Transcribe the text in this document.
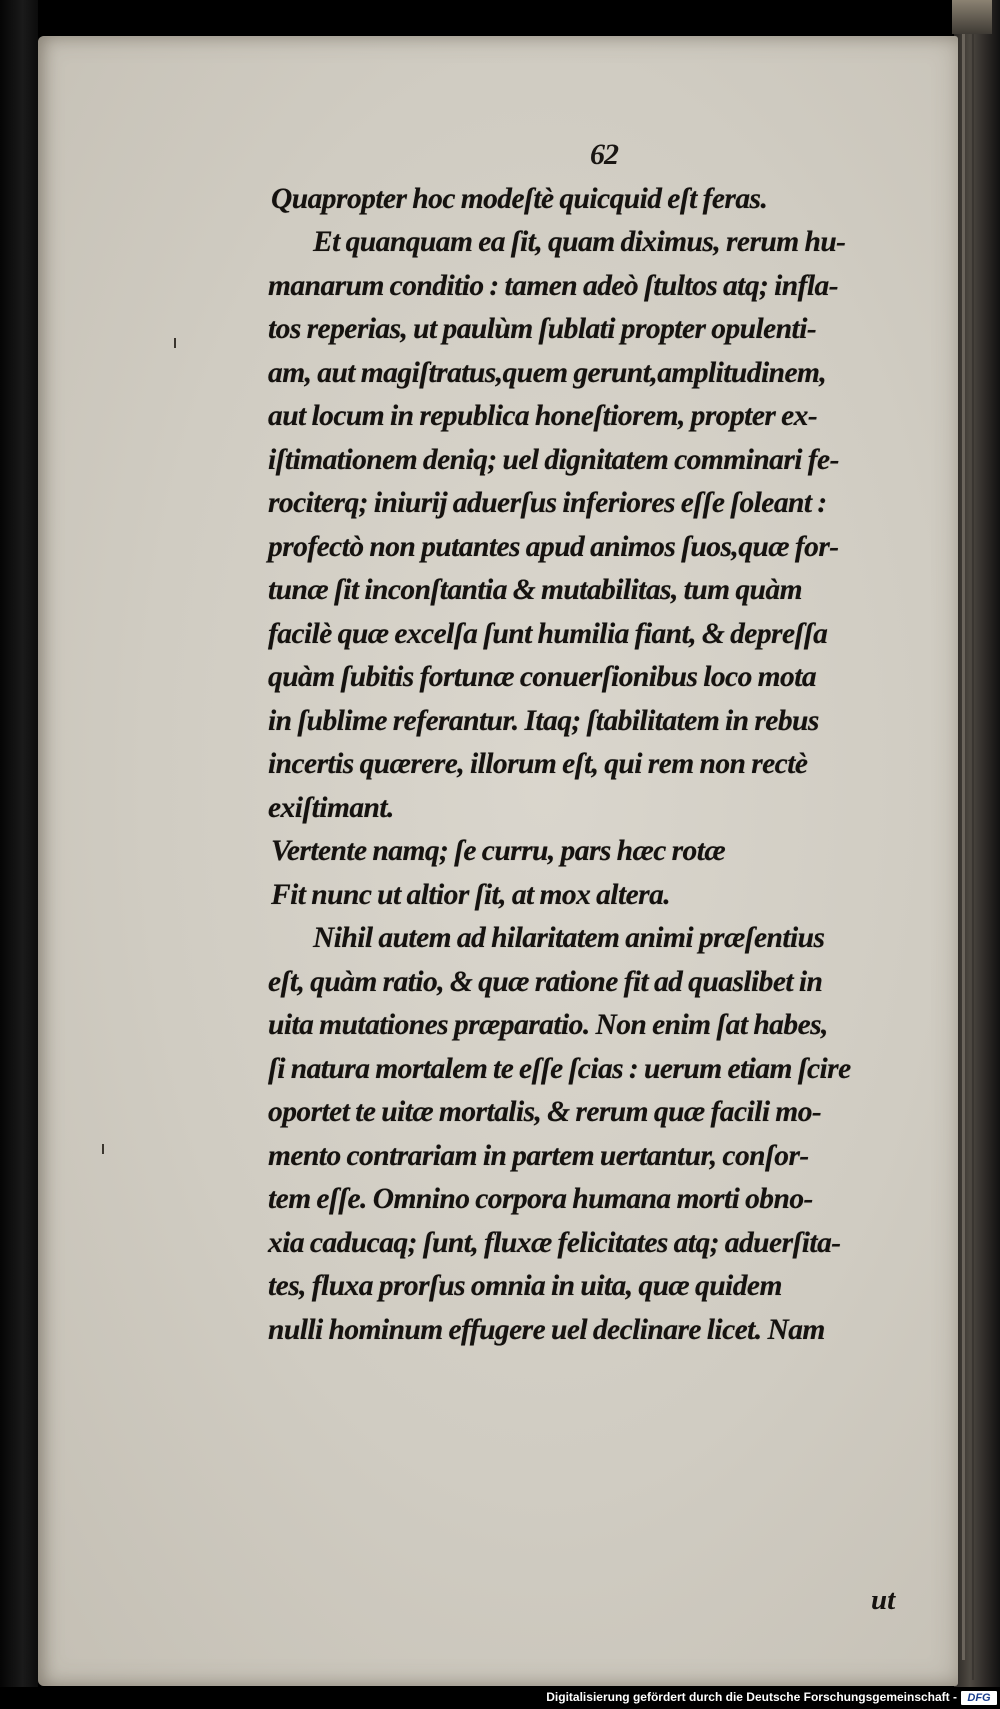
62
Quapropter hoc modeſtè quicquid eſt feras.
Et quanquam ea ſit, quam diximus, rerum hu-
manarum conditio : tamen adeò ſtultos atq; infla-
tos reperias, ut paulùm ſublati propter opulenti-
am, aut magiſtratus,quem gerunt,amplitudinem,
aut locum in republica honeſtiorem, propter ex-
iſtimationem deniq; uel dignitatem comminari fe-
rociterq; iniurij aduerſus inferiores eſſe ſoleant :
profectò non putantes apud animos ſuos,quæ for-
tunæ ſit inconſtantia & mutabilitas, tum quàm
facilè quæ excelſa ſunt humilia fiant, & depreſſa
quàm ſubitis fortunæ conuerſionibus loco mota
in ſublime referantur. Itaq; ſtabilitatem in rebus
incertis quærere, illorum eſt, qui rem non rectè
exiſtimant.
Vertente namq; ſe curru, pars hæc rotæ
Fit nunc ut altior ſit, at mox altera.
Nihil autem ad hilaritatem animi præſentius
eſt, quàm ratio, & quæ ratione fit ad quaslibet in
uita mutationes præparatio. Non enim ſat habes,
ſi natura mortalem te eſſe ſcias : uerum etiam ſcire
oportet te uitæ mortalis, & rerum quæ facili mo-
mento contrariam in partem uertantur, conſor-
tem eſſe. Omnino corpora humana morti obno-
xia caducaq; ſunt, fluxæ felicitates atq; aduerſita-
tes, fluxa prorſus omnia in uita, quæ quidem
nulli hominum effugere uel declinare licet. Nam
ut
Digitalisierung gefördert durch die Deutsche Forschungsgemeinschaft - DFG
